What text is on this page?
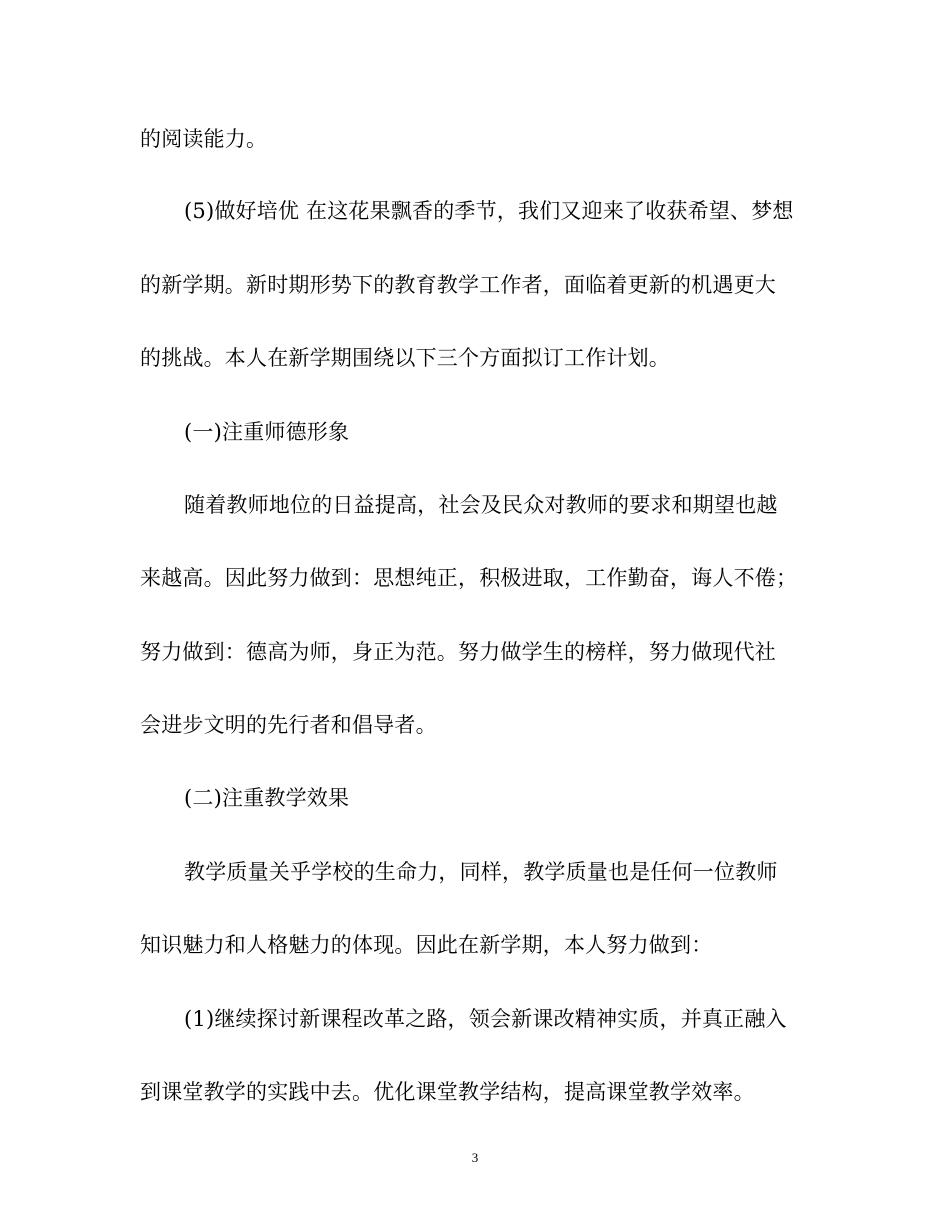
的阅读能力。
(5)做好培优 在这花果飘香的季节，我们又迎来了收获希望、梦想
的新学期。新时期形势下的教育教学工作者，面临着更新的机遇更大
的挑战。本人在新学期围绕以下三个方面拟订工作计划。
(一)注重师德形象
随着教师地位的日益提高，社会及民众对教师的要求和期望也越
来越高。因此努力做到：思想纯正，积极进取，工作勤奋，诲人不倦；
努力做到：德高为师，身正为范。努力做学生的榜样，努力做现代社
会进步文明的先行者和倡导者。
(二)注重教学效果
教学质量关乎学校的生命力，同样，教学质量也是任何一位教师
知识魅力和人格魅力的体现。因此在新学期，本人努力做到：
(1)继续探讨新课程改革之路，领会新课改精神实质，并真正融入
到课堂教学的实践中去。优化课堂教学结构，提高课堂教学效率。
3
